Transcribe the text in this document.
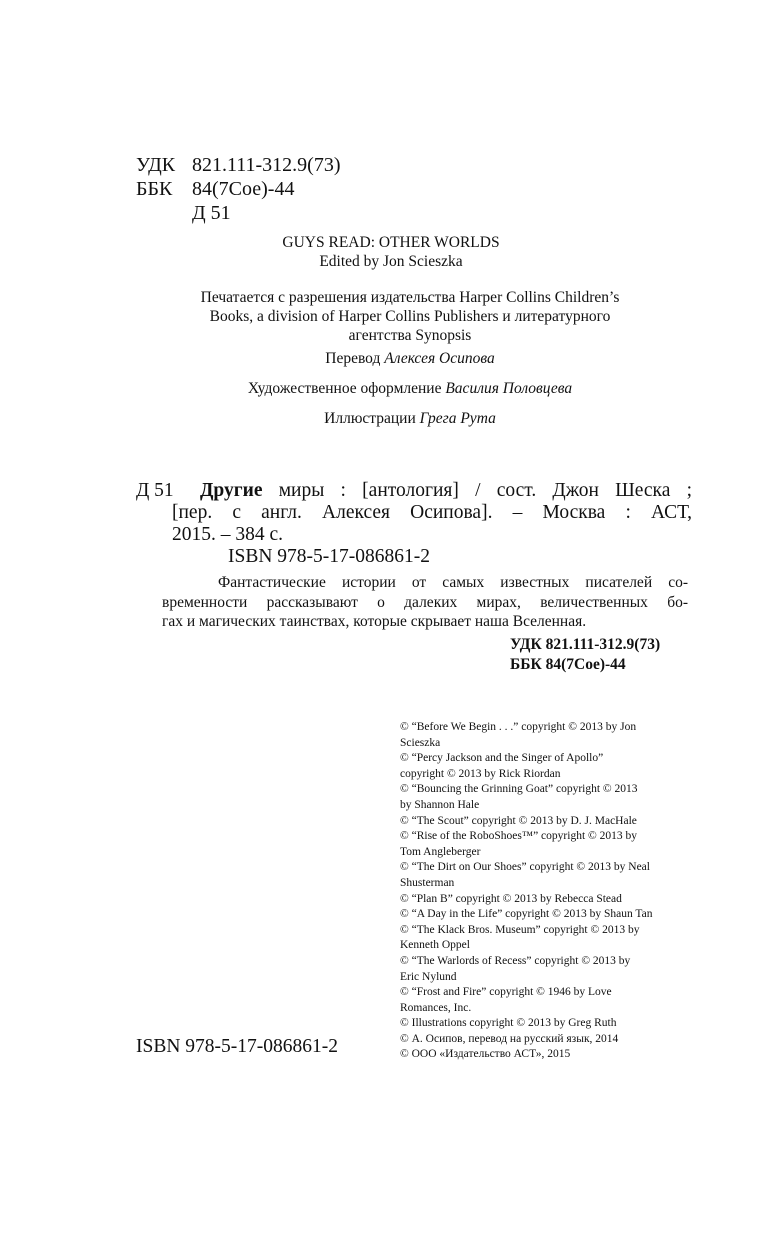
УДК 821.111-312.9(73)
ББК 84(7Сое)-44
Д 51
GUYS READ: OTHER WORLDS
Edited by Jon Scieszka
Печатается с разрешения издательства Harper Collins Children’s
Books, a division of Harper Collins Publishers и литературного
агентства Synopsis
Перевод Алексея Осипова
Художественное оформление Василия Половцева
Иллюстрации Грега Рута
Д 51	Другие миры : [антология] / сост. Джон Шеска ;
[пер. с англ. Алексея Осипова]. – Москва : АСТ,
2015. – 384 с.
ISBN 978-5-17-086861-2
Фантастические истории от самых известных писателей со-
временности рассказывают о далеких мирах, величественных бо-
гах и магических таинствах, которые скрывает наша Вселенная.
УДК 821.111-312.9(73)
ББК 84(7Сое)-44
© “Before We Begin . . .” copyright © 2013 by Jon
Scieszka
© “Percy Jackson and the Singer of Apollo”
copyright © 2013 by Rick Riordan
© “Bouncing the Grinning Goat” copyright © 2013
by Shannon Hale
© “The Scout” copyright © 2013 by D. J. MacHale
© “Rise of the RoboShoes™” copyright © 2013 by
Tom Angleberger
© “The Dirt on Our Shoes” copyright © 2013 by Neal
Shusterman
© “Plan B” copyright © 2013 by Rebecca Stead
© “A Day in the Life” copyright © 2013 by Shaun Tan
© “The Klack Bros. Museum” copyright © 2013 by
Kenneth Oppel
© “The Warlords of Recess” copyright © 2013 by
Eric Nylund
© “Frost and Fire” copyright © 1946 by Love
Romances, Inc.
© Illustrations copyright © 2013 by Greg Ruth
© А. Осипов, перевод на русский язык, 2014
© ООО «Издательство АСТ», 2015
ISBN 978-5-17-086861-2
